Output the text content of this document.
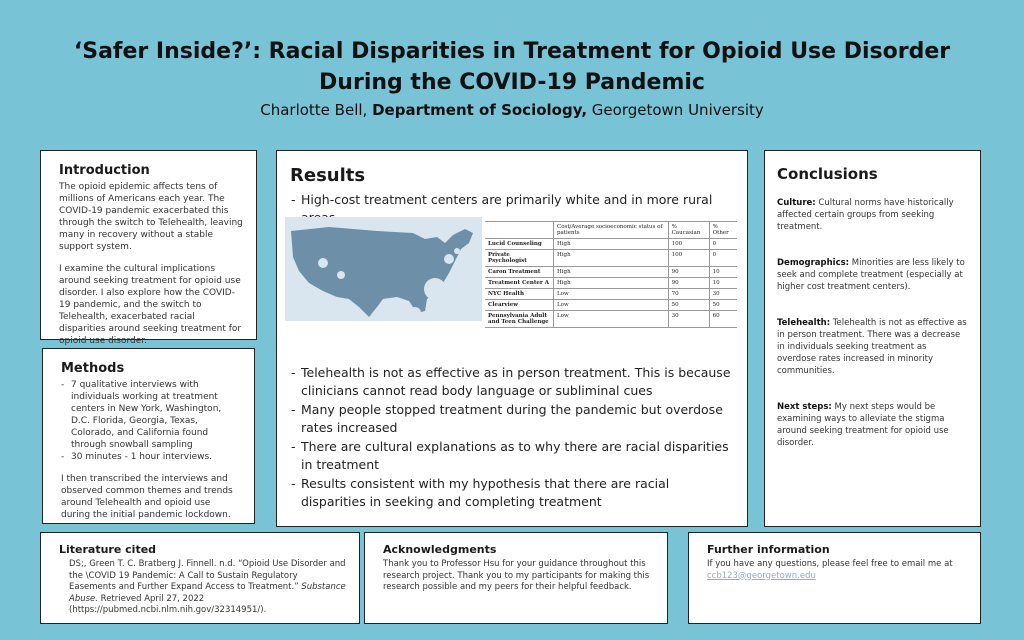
‘Safer Inside?’: Racial Disparities in Treatment for Opioid Use Disorder During the COVID-19 Pandemic
Charlotte Bell, Department of Sociology, Georgetown University
Introduction

The opioid epidemic affects tens of millions of Americans each year. The COVID-19 pandemic exacerbated this through the switch to Telehealth, leaving many in recovery without a stable support system.

I examine the cultural implications around seeking treatment for opioid use disorder. I also explore how the COVID-19 pandemic, and the switch to Telehealth, exacerbated racial disparities around seeking treatment for opioid use disorder.

Methods
- 7 qualitative interviews with individuals working at treatment centers in New York, Washington, D.C. Florida, Georgia, Texas, Colorado, and California found through snowball sampling
- 30 minutes - 1 hour interviews.

I then transcribed the interviews and observed common themes and trends around Telehealth and opioid use during the initial pandemic lockdown.

Results
- High-cost treatment centers are primarily white and in more rural
	Cost/Average socioeconomic status of patients	% Caucasian	% Other
Lucid Counseling	High	100	0
Private Psychologist	High	100	0
Caron Treatment	High	90	10
Treatment Center A	High	90	10
NYC Health	Low	70	30
Clearview	Low	50	50
Pennsylvania Adult and Teen Challenge	Low	30	60
- Telehealth is not as effective as in person treatment. This is because clinicians cannot read body language or subliminal cues
- Many people stopped treatment during the pandemic but overdose rates increased
- There are cultural explanations as to why there are racial disparities in treatment
- Results consistent with my hypothesis that there are racial disparities in seeking and completing treatment
Conclusions

Culture: Cultural norms have historically affected certain groups from seeking treatment.

Demographics: Minorities are less likely to seek and complete treatment (especially at higher cost treatment centers).

Telehealth: Telehealth is not as effective as in person treatment. There was a decrease in individuals seeking treatment as overdose rates increased in minority communities.

Next steps: My next steps would be examining ways to alleviate the stigma around seeking treatment for opioid use disorder.

Literature cited
DS;, Green T. C. Bratberg J. Finnell. n.d. “Opioid Use Disorder and the \COVID 19 Pandemic: A Call to Sustain Regulatory Easements and Further Expand Access to Treatment.” Substance Abuse. Retrieved April 27, 2022 (https://pubmed.ncbi.nlm.nih.gov/32314951/).
Acknowledgments
Thank you to Professor Hsu for your guidance throughout this research project. Thank you to my participants for making this research possible and my peers for their helpful feedback.
Further information
If you have any questions, please feel free to email me at
ccb123@georgetown.edu
